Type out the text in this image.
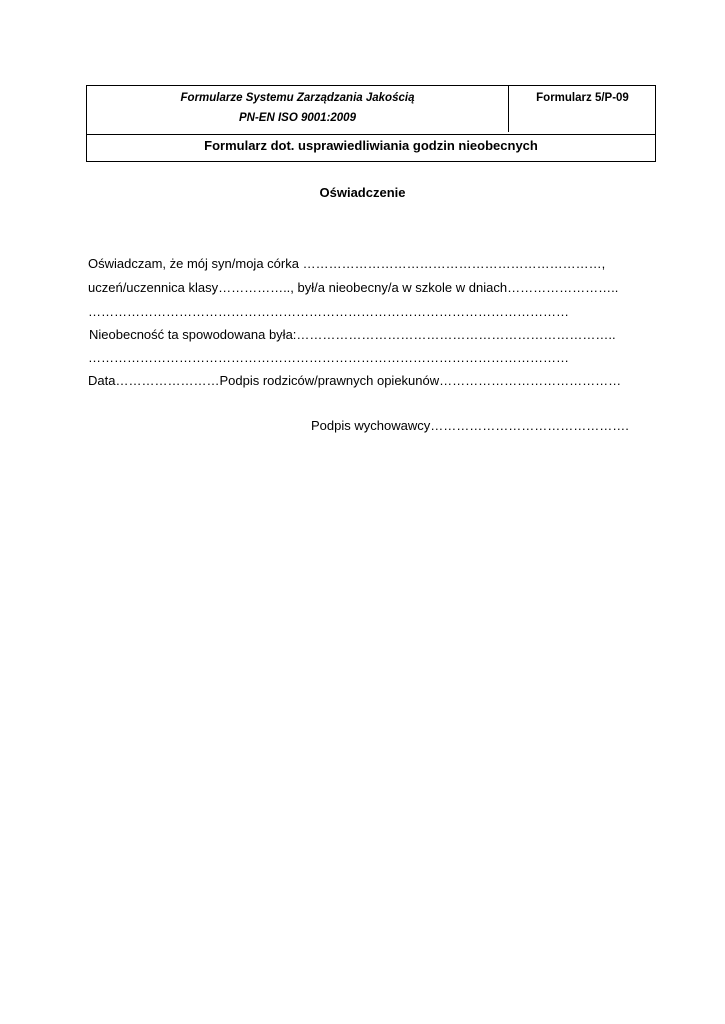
Formularze Systemu Zarządzania Jakością
PN-EN ISO 9001:2009
Formularz 5/P-09
Formularz dot. usprawiedliwiania godzin nieobecnych
Oświadczenie
Oświadczam, że mój syn/moja córka ……………………………………………………………,
uczeń/uczennica klasy…………….., był/a nieobecny/a w szkole w dniach……………………..
…………………………………………………………………………………………………
Nieobecność ta spowodowana była:………………………………………………………………..
…………………………………………………………………………………………………
Data……………………Podpis rodziców/prawnych opiekunów……………………………………
Podpis wychowawcy……………………………………….
